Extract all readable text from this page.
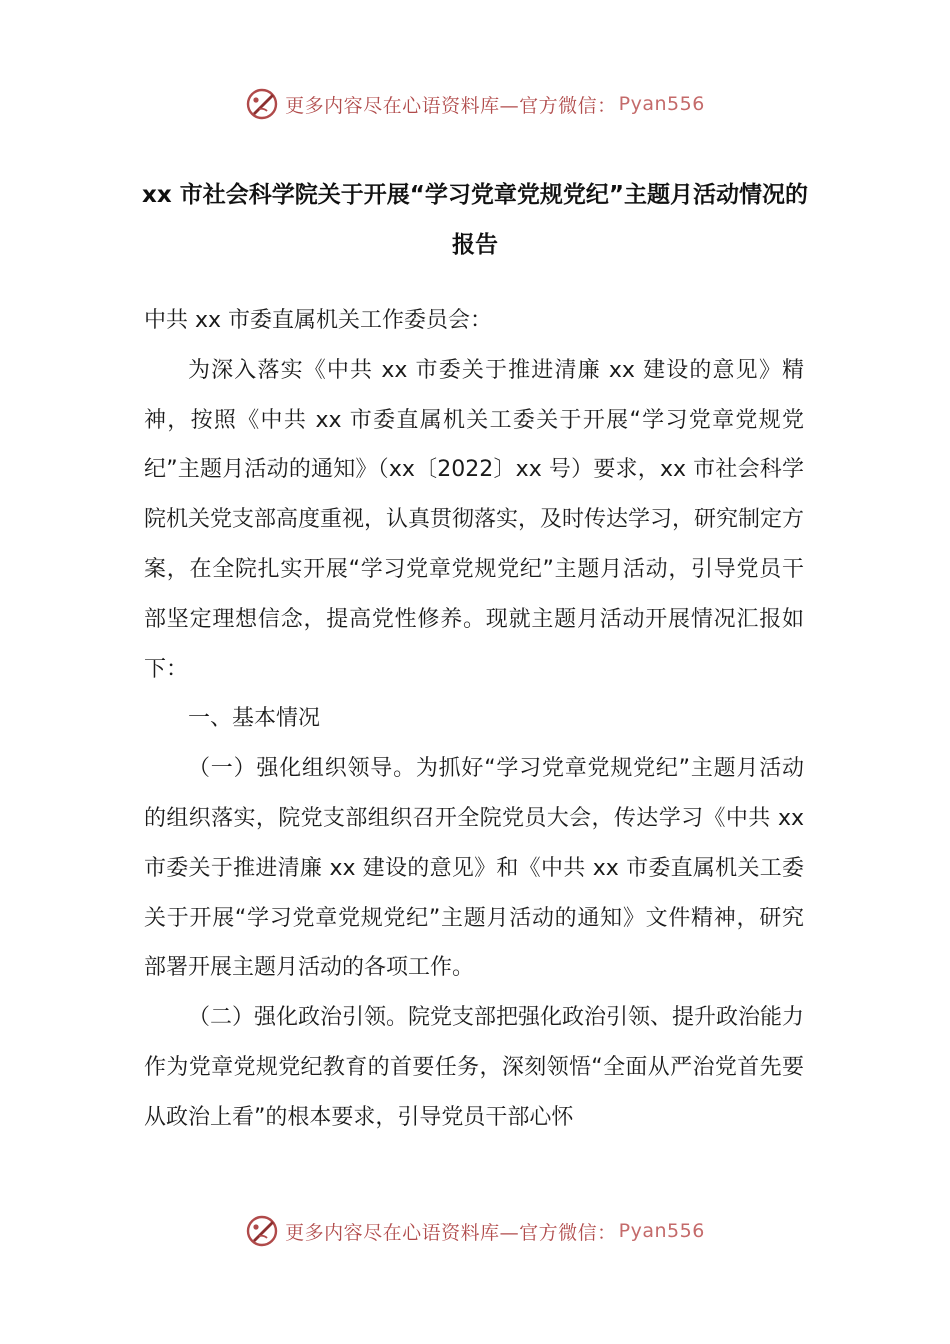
更多内容尽在心语资料库—官方微信： Pyan556
xx 市社会科学院关于开展“学习党章党规党纪”主题月活动情况的报告

中共 xx 市委直属机关工作委员会：

为深入落实《中共 xx 市委关于推进清廉 xx 建设的意见》精神，按照《中共 xx 市委直属机关工委关于开展“学习党章党规党纪”主题月活动的通知》（xx〔2022〕xx 号）要求，xx 市社会科学院机关党支部高度重视，认真贯彻落实，及时传达学习，研究制定方案，在全院扎实开展“学习党章党规党纪”主题月活动，引导党员干部坚定理想信念，提高党性修养。现就主题月活动开展情况汇报如下：

一、基本情况

（一）强化组织领导。为抓好“学习党章党规党纪”主题月活动的组织落实，院党支部组织召开全院党员大会，传达学习《中共 xx 市委关于推进清廉 xx 建设的意见》和《中共 xx 市委直属机关工委关于开展“学习党章党规党纪”主题月活动的通知》文件精神，研究部署开展主题月活动的各项工作。

（二）强化政治引领。院党支部把强化政治引领、提升政治能力作为党章党规党纪教育的首要任务，深刻领悟“全面从严治党首先要从政治上看”的根本要求，引导党员干部心怀

更多内容尽在心语资料库—官方微信： Pyan556
